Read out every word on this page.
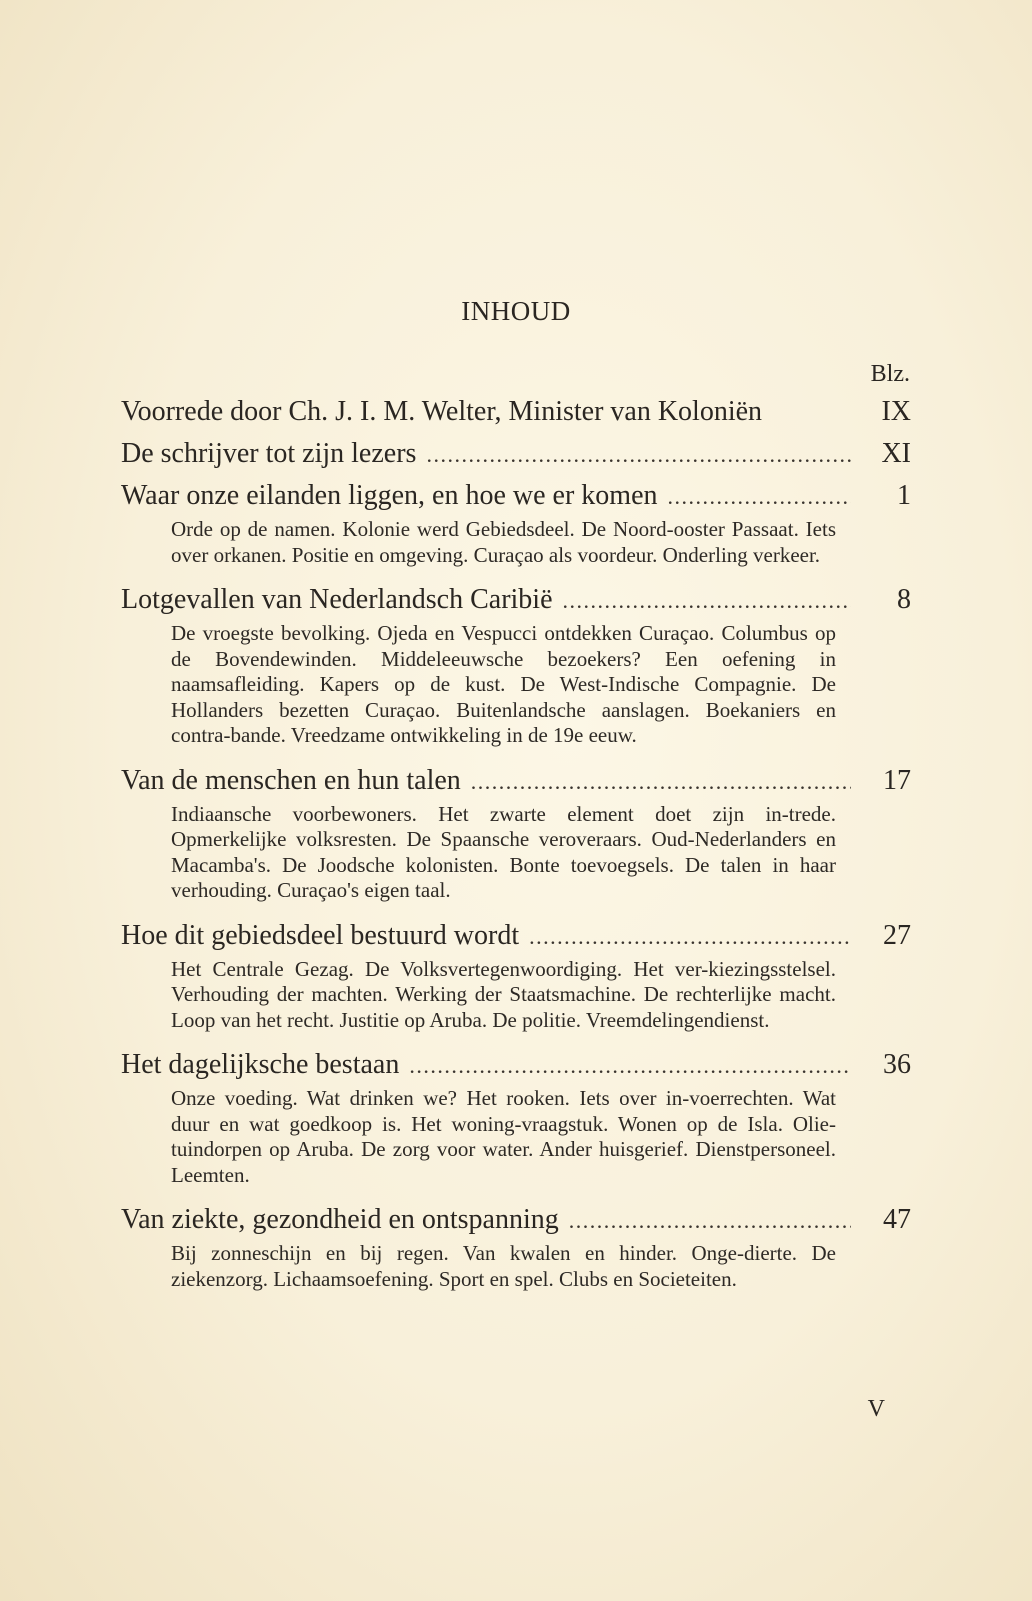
INHOUD
Blz.
Voorrede door Ch. J. I. M. Welter, Minister van Koloniën	IX
De schrijver tot zijn lezers . . .	XI
Waar onze eilanden liggen, en hoe we er komen . . .	1
Orde op de namen. Kolonie werd Gebiedsdeel. De Noord-ooster Passaat. Iets over orkanen. Positie en omgeving. Curaçao als voordeur. Onderling verkeer.
Lotgevallen van Nederlandsch Caribië . . .	8
De vroegste bevolking. Ojeda en Vespucci ontdekken Curaçao. Columbus op de Bovendewinden. Middeleeuwsche bezoekers? Een oefening in naamsafleiding. Kapers op de kust. De West-Indische Compagnie. De Hollanders bezetten Curaçao. Buitenlandsche aanslagen. Boekaniers en contra-bande. Vreedzame ontwikkeling in de 19e eeuw.
Van de menschen en hun talen . . .	17
Indiaansche voorbewoners. Het zwarte element doet zijn in-trede. Opmerkelijke volksresten. De Spaansche veroveraars. Oud-Nederlanders en Macamba's. De Joodsche kolonisten. Bonte toevoegsels. De talen in haar verhouding. Curaçao's eigen taal.
Hoe dit gebiedsdeel bestuurd wordt . . .	27
Het Centrale Gezag. De Volksvertegenwoordiging. Het ver-kiezingsstelsel. Verhouding der machten. Werking der Staatsmachine. De rechterlijke macht. Loop van het recht. Justitie op Aruba. De politie. Vreemdelingendienst.
Het dagelijksche bestaan . . .	36
Onze voeding. Wat drinken we? Het rooken. Iets over in-voerrechten. Wat duur en wat goedkoop is. Het woning-vraagstuk. Wonen op de Isla. Olie-tuindorpen op Aruba. De zorg voor water. Ander huisgerief. Dienstpersoneel. Leemten.
Van ziekte, gezondheid en ontspanning . . .	47
Bij zonneschijn en bij regen. Van kwalen en hinder. Onge-dierte. De ziekenzorg. Lichaamsoefening. Sport en spel. Clubs en Societeiten.
V
